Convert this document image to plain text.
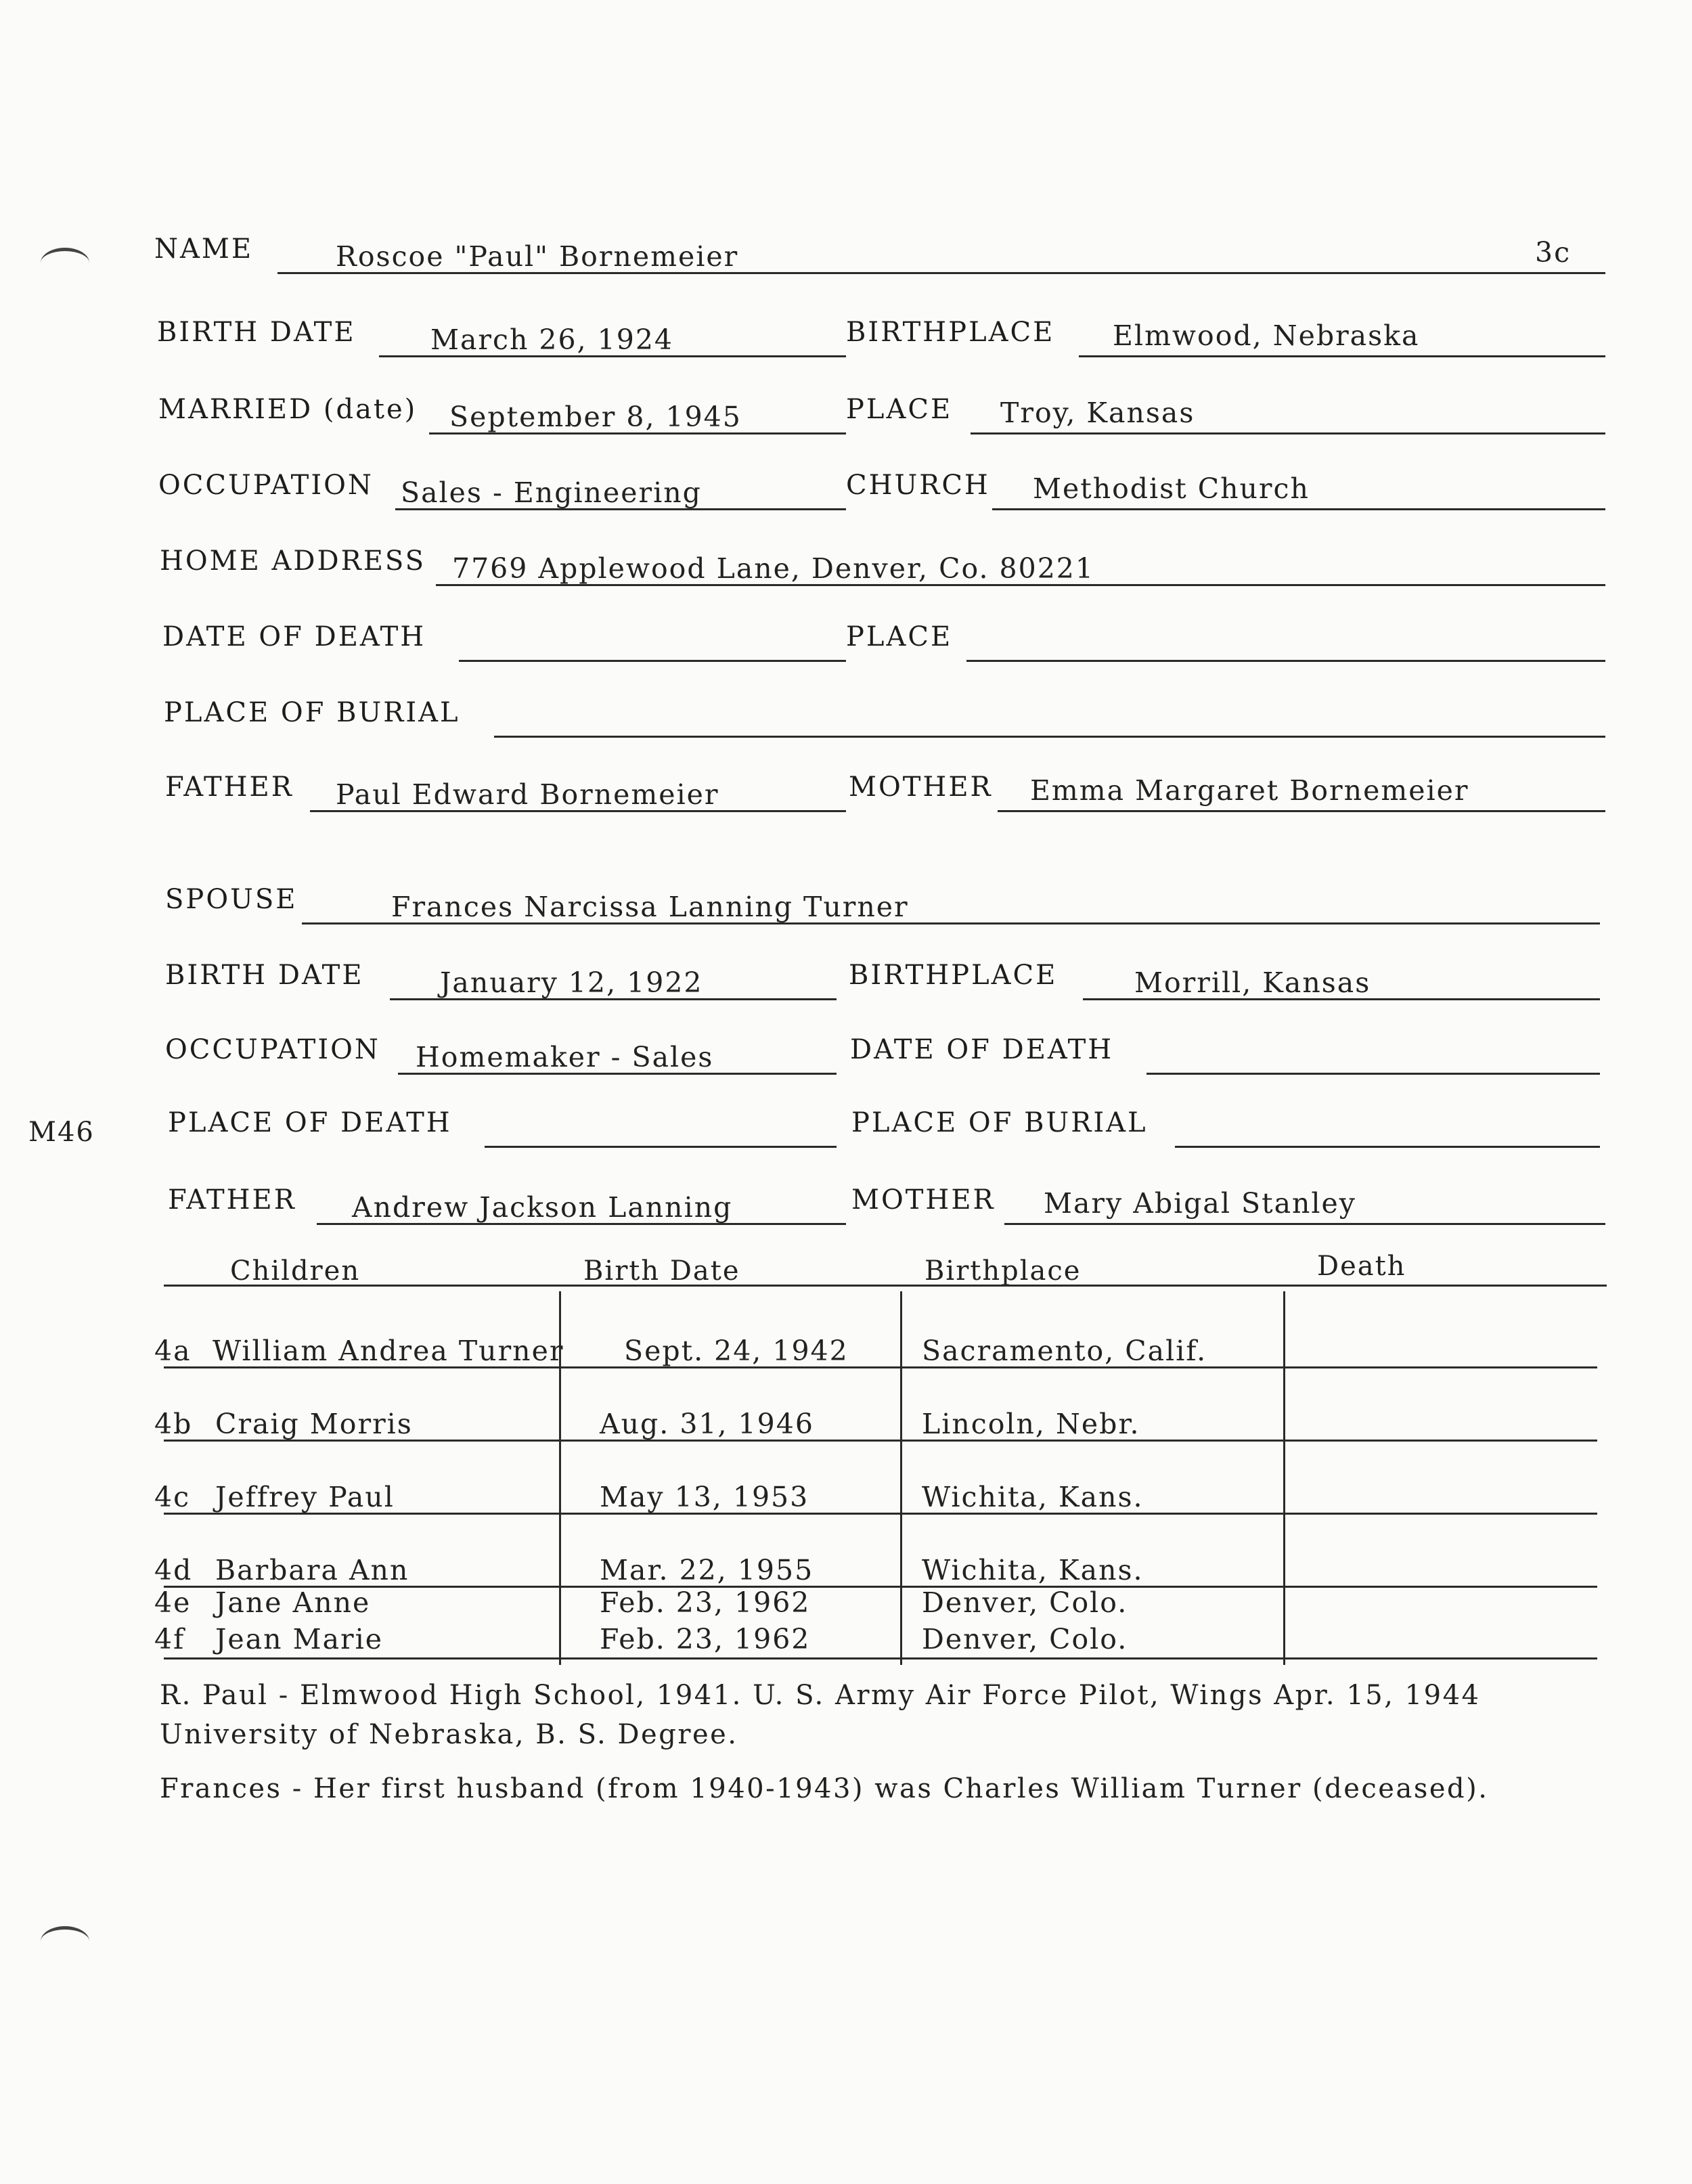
NAME	Roscoe "Paul" Bornemeier	3c
BIRTH DATE	March 26, 1924	BIRTHPLACE Elmwood, Nebraska
MARRIED (date) September 8, 1945	PLACE Troy, Kansas
OCCUPATION Sales - Engineering	CHURCH Methodist Church
HOME ADDRESS 7769 Applewood Lane, Denver, Co. 80221
DATE OF DEATH	PLACE
PLACE OF BURIAL
FATHER Paul Edward Bornemeier	MOTHER Emma Margaret Bornemeier
SPOUSE	Frances Narcissa Lanning Turner
BIRTH DATE	January 12, 1922	BIRTHPLACE	Morrill, Kansas
OCCUPATION Homemaker - Sales	DATE OF DEATH
M46	PLACE OF DEATH	PLACE OF BURIAL
FATHER Andrew Jackson Lanning	MOTHER Mary Abigal Stanley
Children	Birth Date	Birthplace	Death
4a William Andrea Turner Sept. 24, 1942	Sacramento, Calif.
4b Craig Morris	Aug. 31, 1946	Lincoln, Nebr.
4c Jeffrey Paul	May 13, 1953	Wichita, Kans.
4d Barbara Ann	Mar. 22, 1955	Wichita, Kans.
4e Jane Anne	Feb. 23, 1962	Denver, Colo.
4f Jean Marie	Feb. 23, 1962	Denver, Colo.
R. Paul - Elmwood High School, 1941. U. S. Army Air Force Pilot, Wings Apr. 15, 1944
University of Nebraska, B. S. Degree.
Frances - Her first husband (from 1940-1943) was Charles William Turner (deceased).
